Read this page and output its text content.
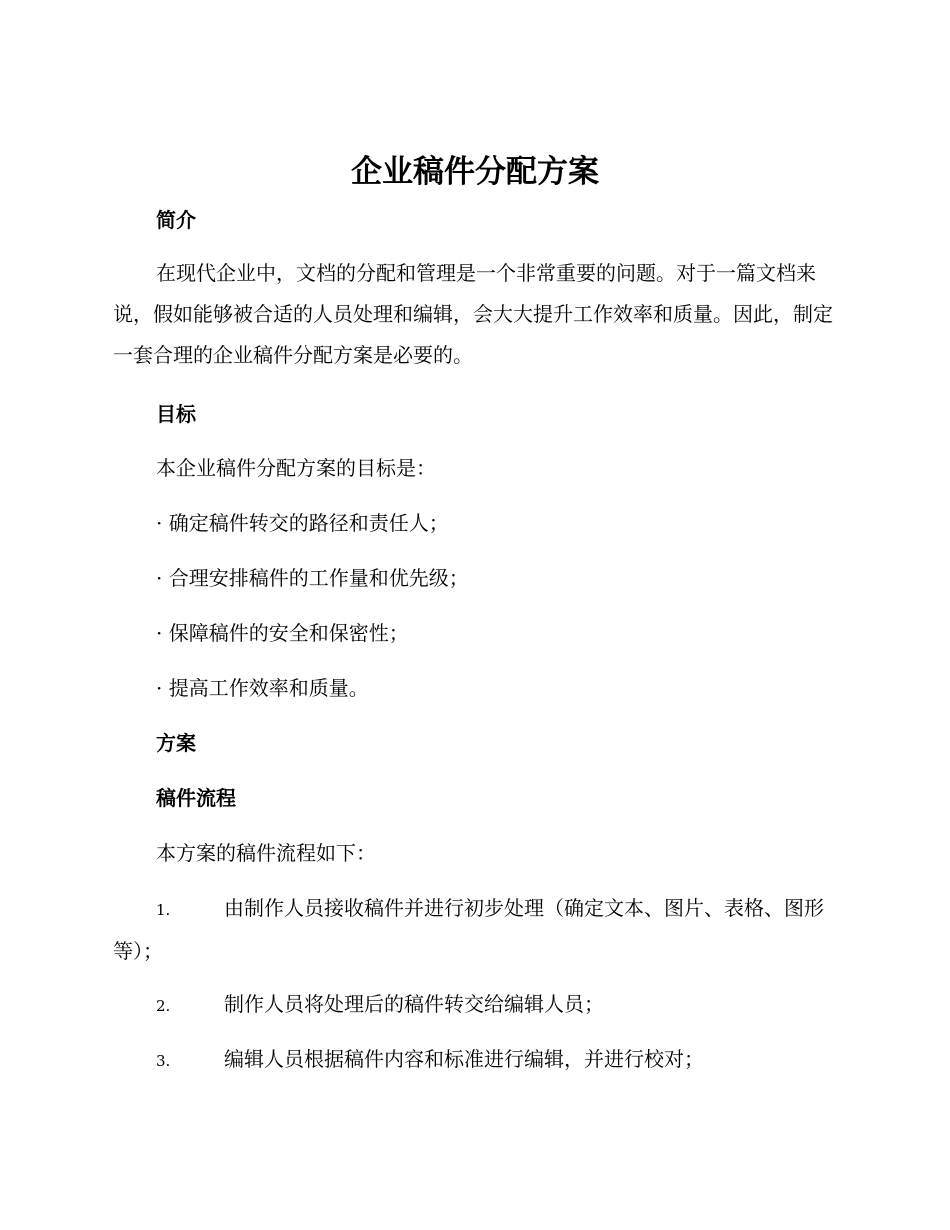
企业稿件分配方案
简介

在现代企业中，文档的分配和管理是一个非常重要的问题。对于一篇文档来说，假如能够被合适的人员处理和编辑，会大大提升工作效率和质量。因此，制定一套合理的企业稿件分配方案是必要的。

目标

本企业稿件分配方案的目标是：

· 确定稿件转交的路径和责任人；

· 合理安排稿件的工作量和优先级；

· 保障稿件的安全和保密性；

· 提高工作效率和质量。

方案
稿件流程

本方案的稿件流程如下：

1.	由制作人员接收稿件并进行初步处理（确定文本、图片、表格、图形等）；

2.	制作人员将处理后的稿件转交给编辑人员；

3.	编辑人员根据稿件内容和标准进行编辑，并进行校对；
